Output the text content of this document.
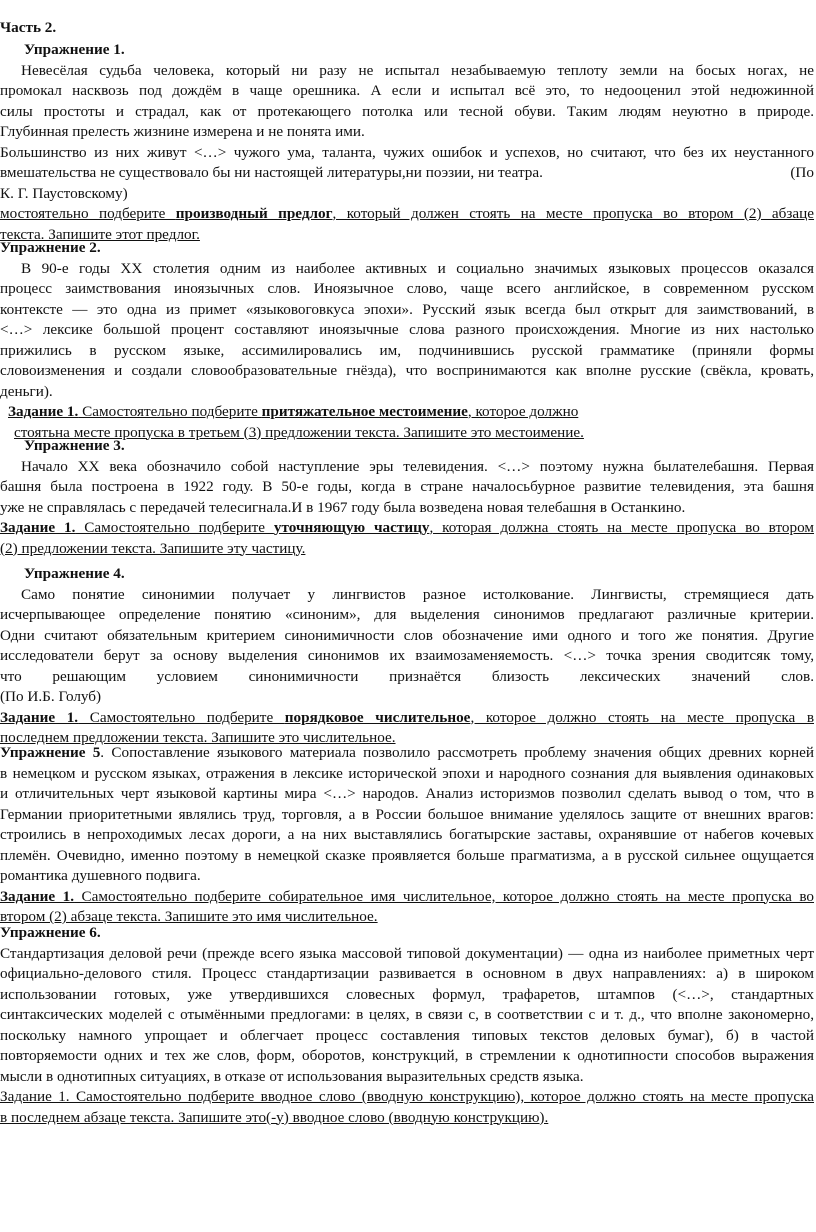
Часть 2.
Упражнение 1.
Невесёлая судьба человека, который ни разу не испытал незабываемую теплоту земли на босых ногах, не
промокал насквозь под дождём в чаще орешника. А если и испытал всё это, то недооценил этой недюжинной
силы простоты и страдал, как от протекающего потолка или тесной обуви. Таким людям неуютно в природе.
Глубинная прелесть жизнине измерена и не понята ими.
Большинство из них живут <…> чужого ума, таланта, чужих ошибок и успехов, но считают, что без их неустанного
вмешательства не существовало бы ни настоящей литературы,ни поэзии, ни театра.	(По
К. Г. Паустовскому)
мостоятельно подберите производный предлог, который должен стоять на месте пропуска во втором (2) абзаце
текста. Запишите этот предлог.
Упражнение 2.
В 90-е годы XX столетия одним из наиболее активных и социально значимых языковых процессов оказался
процесс заимствования иноязычных слов. Иноязычное слово, чаще всего английское, в современном русском
контексте — это одна из примет «языковоговкуса эпохи». Русский язык всегда был открыт для заимствований, в
<…> лексике большой процент составляют иноязычные слова разного происхождения. Многие из них настолько
прижились в русском языке, ассимилировались им, подчинившись русской грамматике (приняли формы
словоизменения и создали словообразовательные гнёзда), что воспринимаются как вполне русские (свёкла, кровать,
деньги).
Задание 1. Самостоятельно подберите притяжательное местоимение, которое должно
стоятьна месте пропуска в третьем (3) предложении текста. Запишите это местоимение.
Упражнение 3.
Начало XX века обозначило собой наступление эры телевидения. <…> поэтому нужна былателебашня. Первая
башня была построена в 1922 году. В 50-е годы, когда в стране началосьбурное развитие телевидения, эта башня
уже не справлялась с передачей телесигнала.И в 1967 году была возведена новая телебашня в Останкино.
Задание 1. Самостоятельно подберите уточняющую частицу, которая должна стоять на месте пропуска во втором
(2) предложении текста. Запишите эту частицу.
Упражнение 4.
Само понятие синонимии получает у лингвистов разное истолкование. Лингвисты, стремящиеся дать
исчерпывающее определение понятию «синоним», для выделения синонимов предлагают различные критерии.
Одни считают обязательным критерием синонимичности слов обозначение ими одного и того же понятия. Другие
исследователи берут за основу выделения синонимов их взаимозаменяемость. <…> точка зрения сводитсяк тому,
что решающим условием синонимичности признаётся близость лексических значений слов.
(По И.Б. Голуб)
Задание 1. Самостоятельно подберите порядковое числительное, которое должно стоять на месте пропуска в
последнем предложении текста. Запишите это числительное.
Упражнение 5. Сопоставление языкового материала позволило рассмотреть проблему значения общих древних корней
в немецком и русском языках, отражения в лексике исторической эпохи и народного сознания для выявления одинаковых
и отличительных черт языковой картины мира <…> народов. Анализ историзмов позволил сделать вывод о том, что в
Германии приоритетными являлись труд, торговля, а в России большое внимание уделялось защите от внешних врагов:
строились в непроходимых лесах дороги, а на них выставлялись богатырские заставы, охранявшие от набегов кочевых
племён. Очевидно, именно поэтому в немецкой сказке проявляется больше прагматизма, а в русской сильнее ощущается
романтика душевного подвига.
Задание 1. Самостоятельно подберите собирательное имя числительное, которое должно стоять на месте пропуска во
втором (2) абзаце текста. Запишите это имя числительное.
Упражнение 6.
Стандартизация деловой речи (прежде всего языка массовой типовой документации) — одна из наиболее приметных черт
официально-делового стиля. Процесс стандартизации развивается в основном в двух направлениях: а) в широком
использовании готовых, уже утвердившихся словесных формул, трафаретов, штампов (<…>, стандартных
синтаксических моделей с отымёнными предлогами: в целях, в связи с, в соответствии с и т. д., что вполне закономерно,
поскольку намного упрощает и облегчает процесс составления типовых текстов деловых бумаг), б) в частой
повторяемости одних и тех же слов, форм, оборотов, конструкций, в стремлении к однотипности способов выражения
мысли в однотипных ситуациях, в отказе от использования выразительных средств языка.
Задание 1. Самостоятельно подберите вводное слово (вводную конструкцию), которое должно стоять на месте пропуска
в последнем абзаце текста. Запишите это(-у) вводное слово (вводную конструкцию).
